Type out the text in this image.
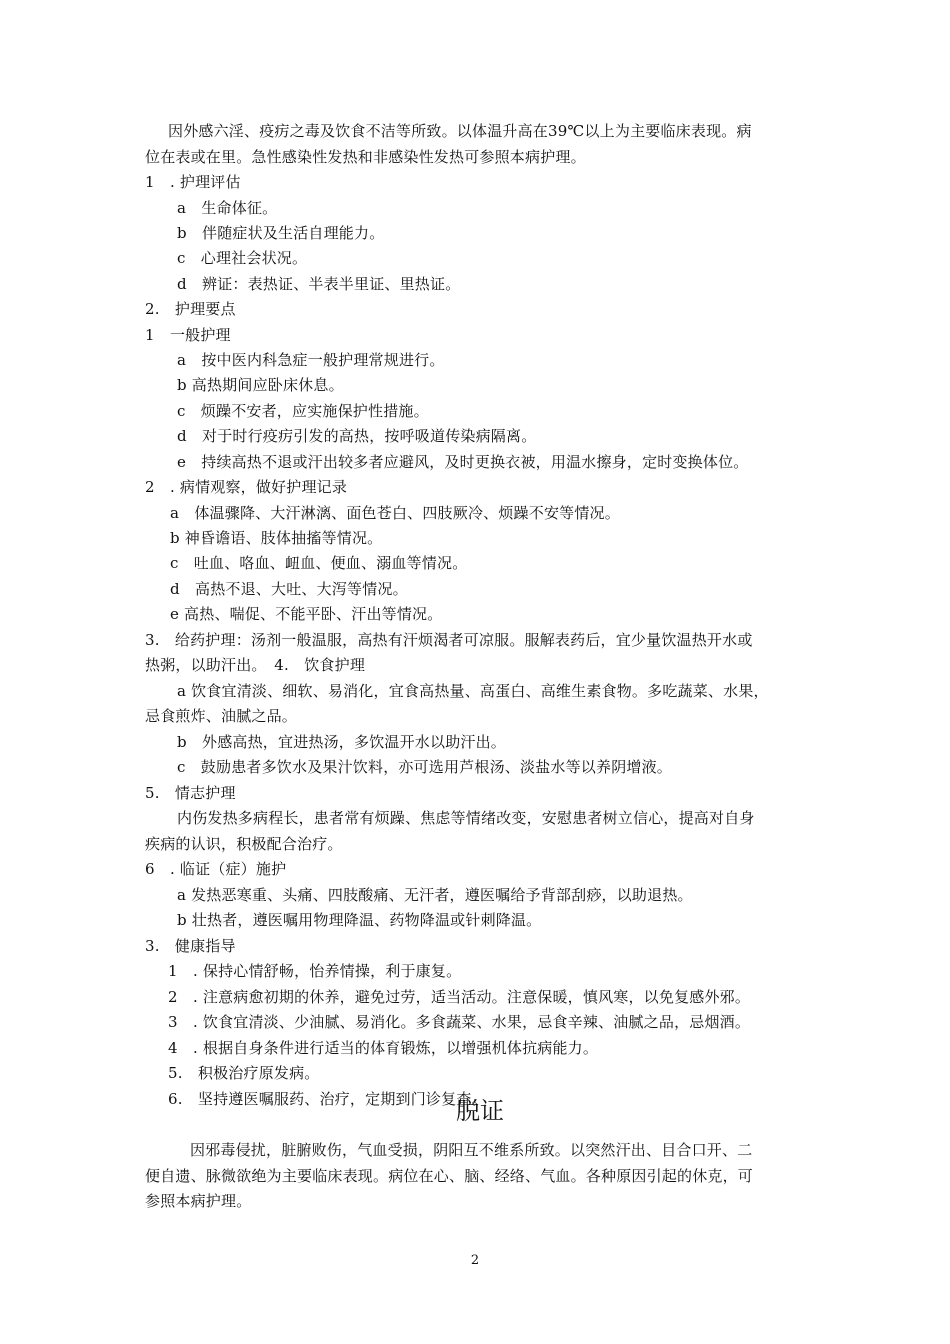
因外感六淫、疫疠之毒及饮食不洁等所致。以体温升高在39℃以上为主要临床表现。病
位在表或在里。急性感染性发热和非感染性发热可参照本病护理。
1　. 护理评估
a　生命体征。
b　伴随症状及生活自理能力。
c　心理社会状况。
d　辨证：表热证、半表半里证、里热证。
2.　护理要点
1　一般护理
a　按中医内科急症一般护理常规进行。
b 高热期间应卧床休息。
c　烦躁不安者，应实施保护性措施。
d　对于时行疫疠引发的高热，按呼吸道传染病隔离。
e　持续高热不退或汗出较多者应避风，及时更换衣被，用温水擦身，定时变换体位。
2　. 病情观察，做好护理记录
a　体温骤降、大汗淋漓、面色苍白、四肢厥冷、烦躁不安等情况。
b 神昏谵语、肢体抽搐等情况。
c　吐血、咯血、衄血、便血、溺血等情况。
d　高热不退、大吐、大泻等情况。
e 高热、喘促、不能平卧、汗出等情况。
3.　给药护理：汤剂一般温服，高热有汗烦渴者可凉服。服解表药后，宜少量饮温热开水或
热粥，以助汗出。　4.　饮食护理
a 饮食宜清淡、细软、易消化，宜食高热量、高蛋白、高维生素食物。多吃蔬菜、水果，
忌食煎炸、油腻之品。
b　外感高热，宜进热汤，多饮温开水以助汗出。
c　鼓励患者多饮水及果汁饮料，亦可选用芦根汤、淡盐水等以养阴增液。
5.　情志护理
内伤发热多病程长，患者常有烦躁、焦虑等情绪改变，安慰患者树立信心，提高对自身
疾病的认识，积极配合治疗。
6　. 临证（症）施护
a 发热恶寒重、头痛、四肢酸痛、无汗者，遵医嘱给予背部刮痧，以助退热。
b 壮热者，遵医嘱用物理降温、药物降温或针刺降温。
3.　健康指导
1　. 保持心情舒畅，怡养情操，利于康复。
2　. 注意病愈初期的休养，避免过劳，适当活动。注意保暖，慎风寒，以免复感外邪。
3　. 饮食宜清淡、少油腻、易消化。多食蔬菜、水果，忌食辛辣、油腻之品，忌烟酒。
4　. 根据自身条件进行适当的体育锻炼，以增强机体抗病能力。
5.　积极治疗原发病。
6.　坚持遵医嘱服药、治疗，定期到门诊复查。
脱证
因邪毒侵扰，脏腑败伤，气血受损，阴阳互不维系所致。以突然汗出、目合口开、二
便自遗、脉微欲绝为主要临床表现。病位在心、脑、经络、气血。各种原因引起的休克，可
参照本病护理。
2
